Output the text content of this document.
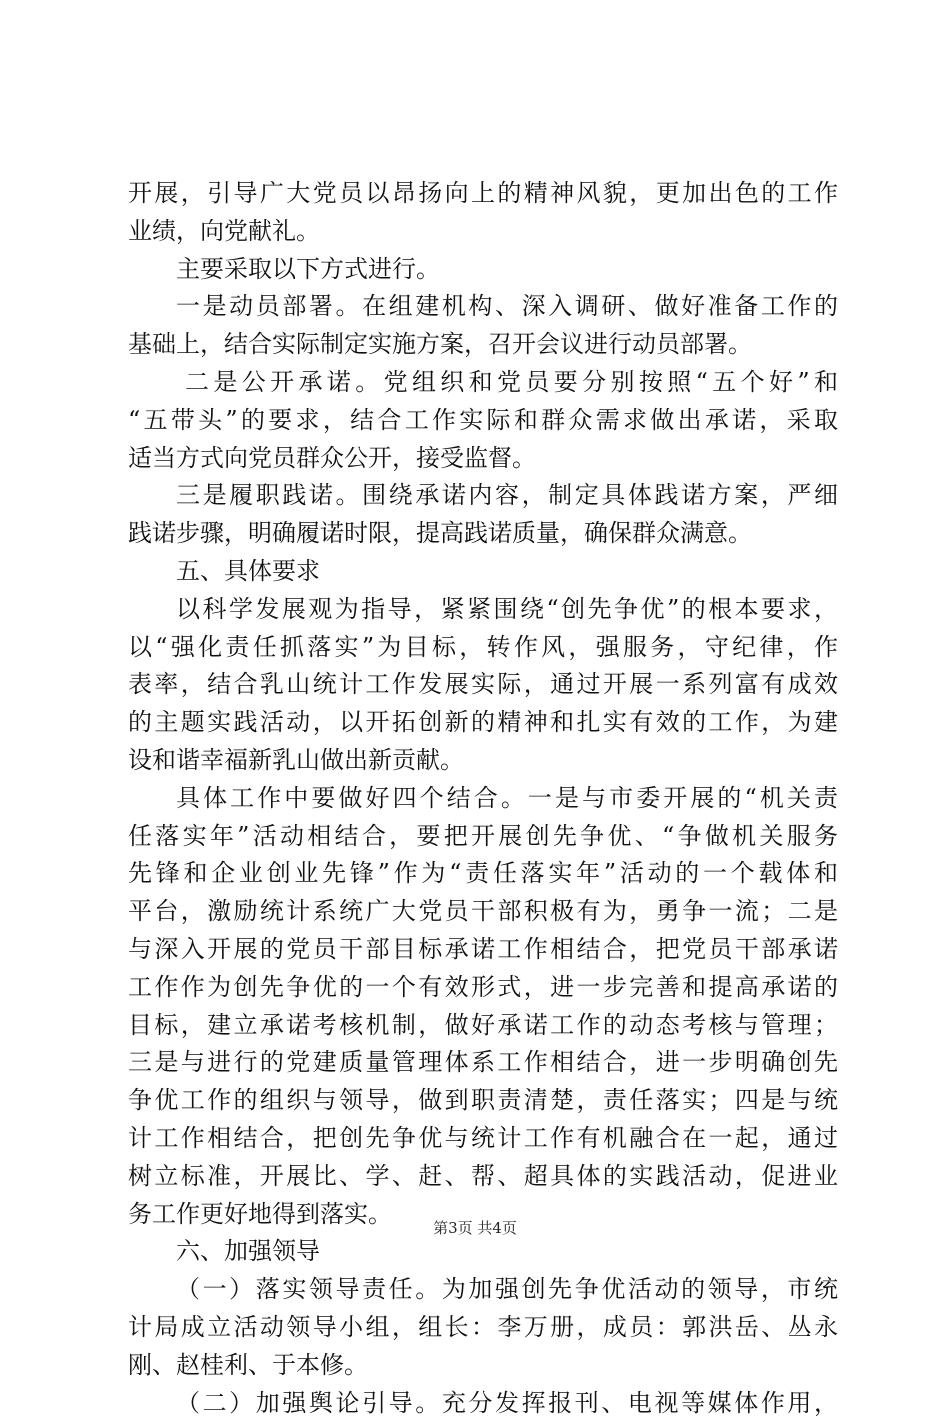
开展，引导广大党员以昂扬向上的精神风貌，更加出色的工作
业绩，向党献礼。
主要采取以下方式进行。
一是动员部署。在组建机构、深入调研、做好准备工作的
基础上，结合实际制定实施方案，召开会议进行动员部署。
二是公开承诺。党组织和党员要分别按照“五个好”和
“五带头”的要求，结合工作实际和群众需求做出承诺，采取
适当方式向党员群众公开，接受监督。
三是履职践诺。围绕承诺内容，制定具体践诺方案，严细
践诺步骤，明确履诺时限，提高践诺质量，确保群众满意。
五、具体要求
以科学发展观为指导，紧紧围绕“创先争优”的根本要求，
以“强化责任抓落实”为目标，转作风，强服务，守纪律，作
表率，结合乳山统计工作发展实际，通过开展一系列富有成效
的主题实践活动，以开拓创新的精神和扎实有效的工作，为建
设和谐幸福新乳山做出新贡献。
具体工作中要做好四个结合。一是与市委开展的“机关责
任落实年”活动相结合，要把开展创先争优、“争做机关服务
先锋和企业创业先锋”作为“责任落实年”活动的一个载体和
平台，激励统计系统广大党员干部积极有为，勇争一流；二是
与深入开展的党员干部目标承诺工作相结合，把党员干部承诺
工作作为创先争优的一个有效形式，进一步完善和提高承诺的
目标，建立承诺考核机制，做好承诺工作的动态考核与管理；
三是与进行的党建质量管理体系工作相结合，进一步明确创先
争优工作的组织与领导，做到职责清楚，责任落实；四是与统
计工作相结合，把创先争优与统计工作有机融合在一起，通过
树立标准，开展比、学、赶、帮、超具体的实践活动，促进业
务工作更好地得到落实。
六、加强领导
（一）落实领导责任。为加强创先争优活动的领导，市统
计局成立活动领导小组，组长：李万册，成员：郭洪岳、丛永
刚、赵桂利、于本修。
（二）加强舆论引导。充分发挥报刊、电视等媒体作用，
第3页 共4页
